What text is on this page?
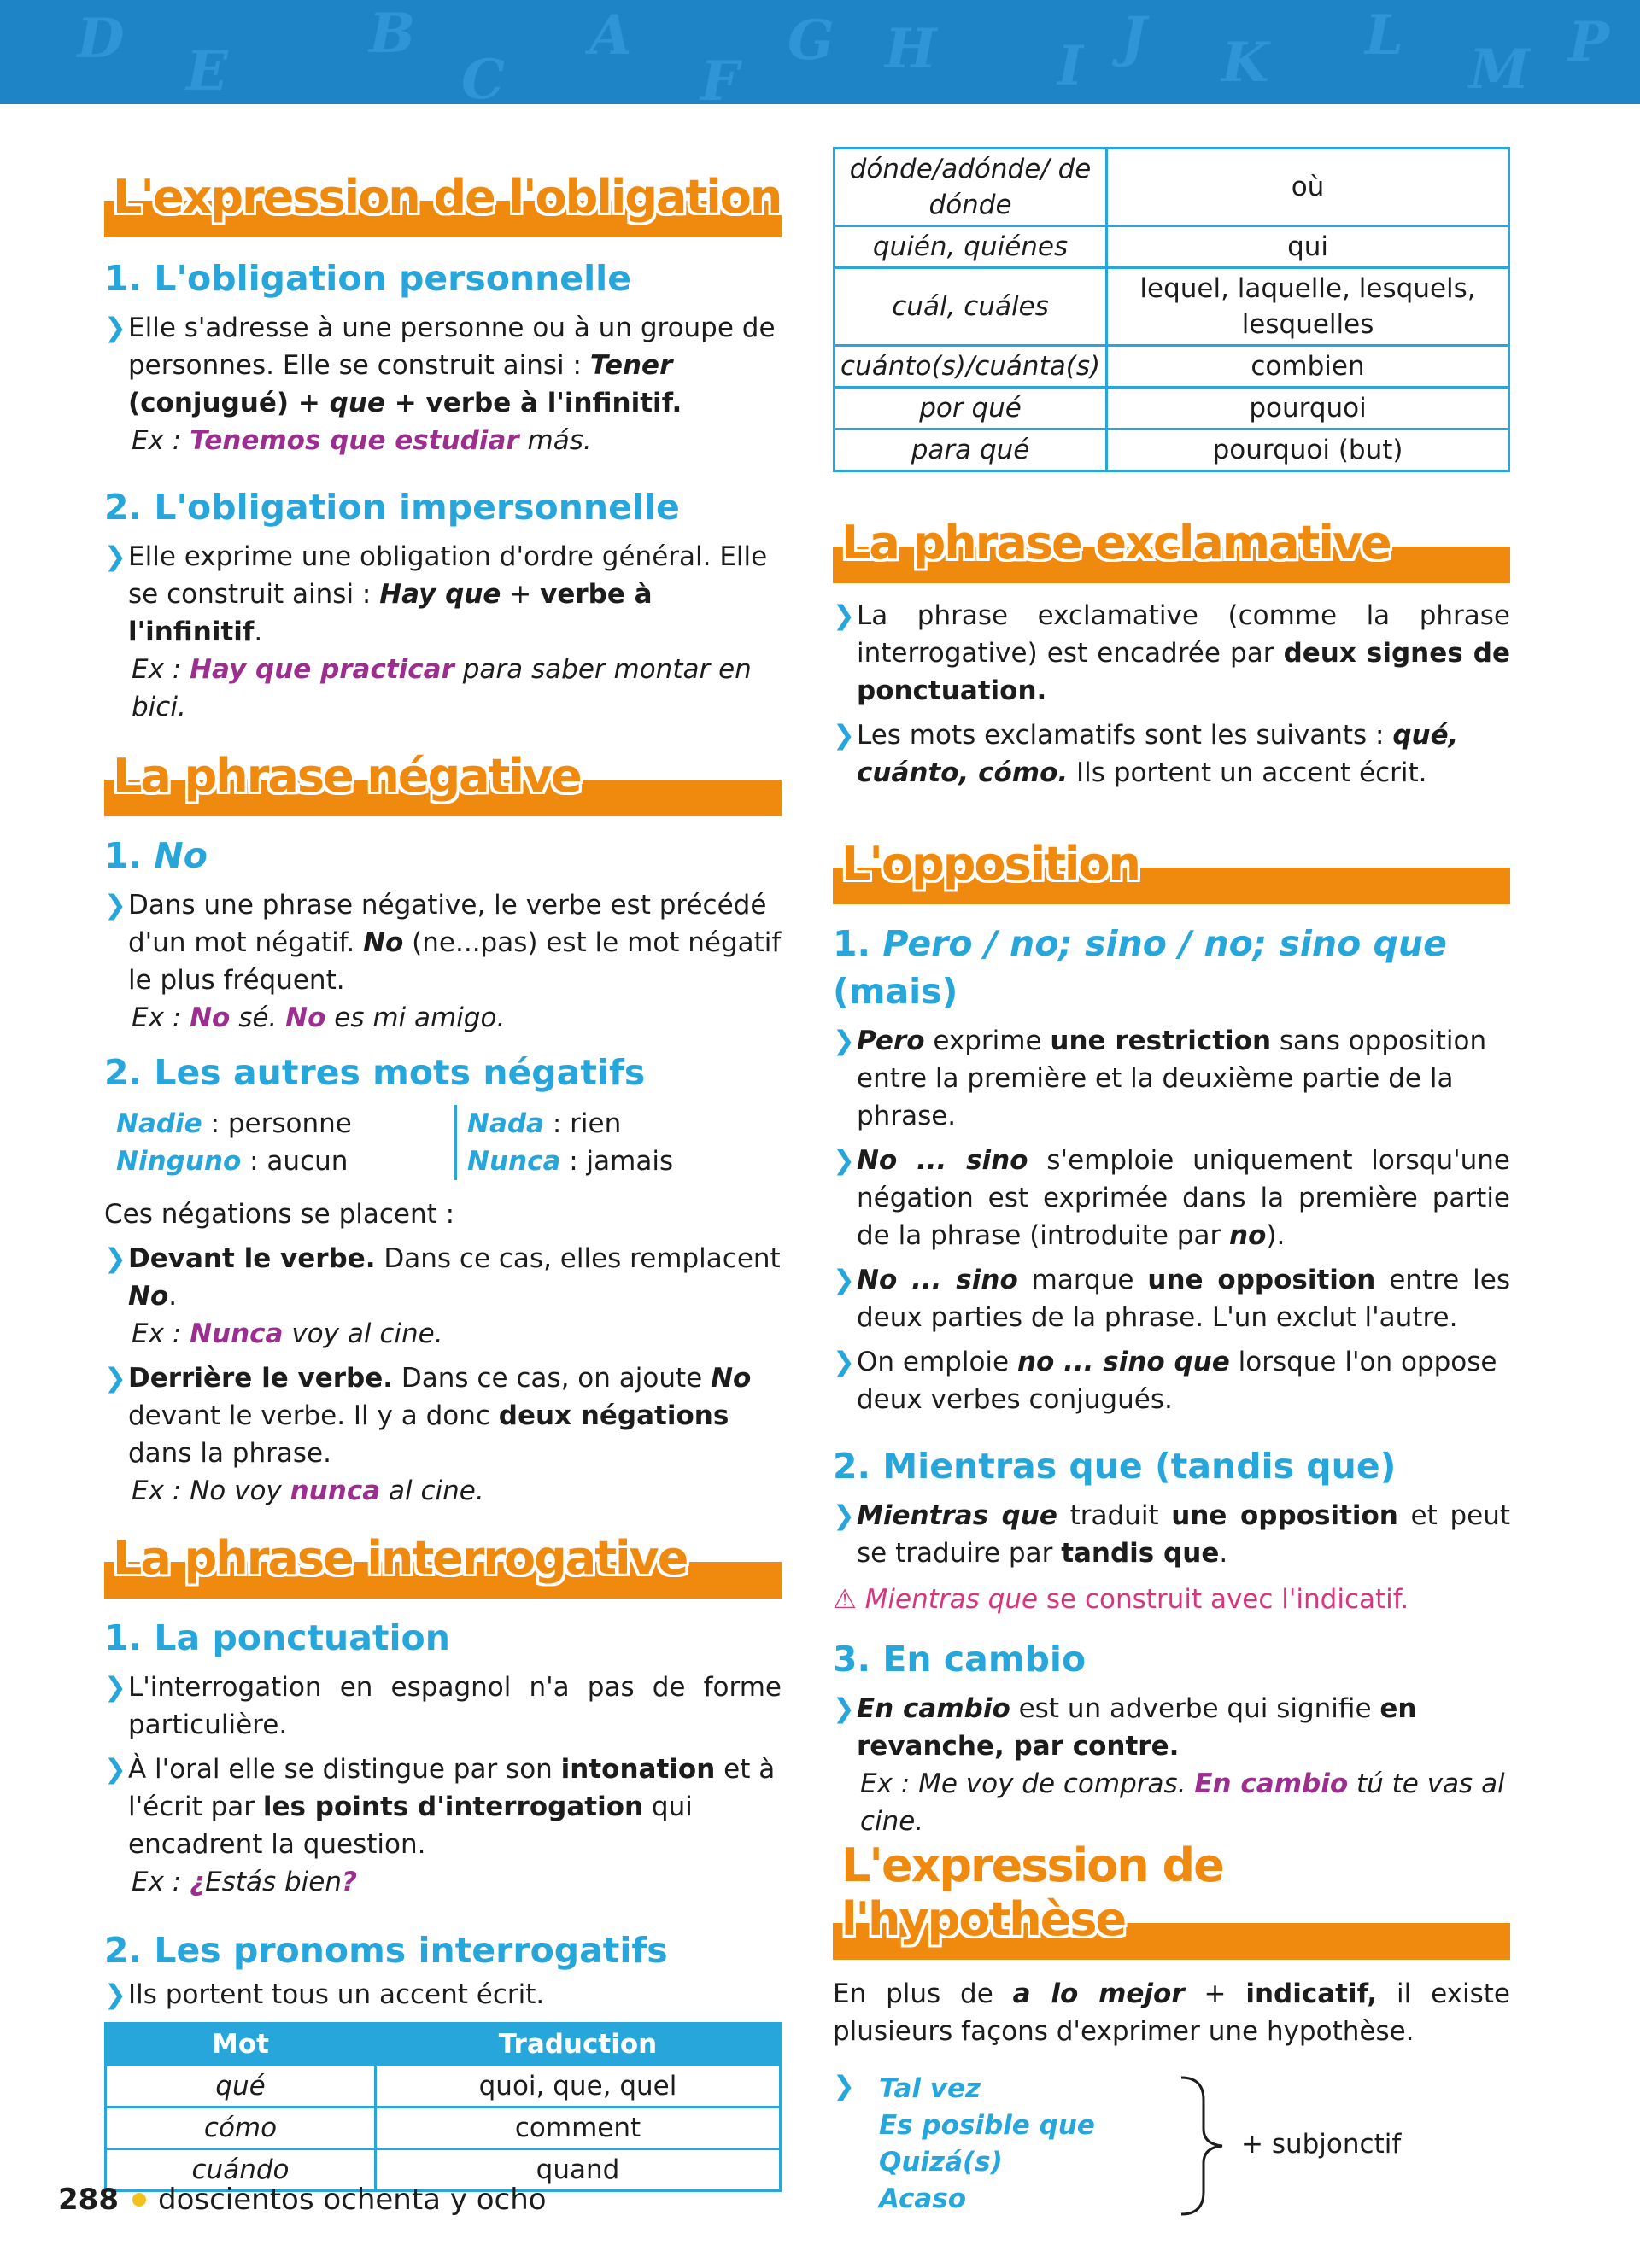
D
E
B
C
A
F
G H I J K L
M P
L'expression de l'obligation
1. L'obligation personnelle
❯ Elle s'adresse à une personne ou à un groupe de personnes. Elle se construit ainsi : Tener (conjugué) + que + verbe à l'infinitif.
Ex : Tenemos que estudiar más.
2. L'obligation impersonnelle
❯ Elle exprime une obligation d'ordre général. Elle se construit ainsi : Hay que + verbe à l'infinitif.
Ex : Hay que practicar para saber montar en bici.
La phrase négative
1. No
❯ Dans une phrase négative, le verbe est précédé d'un mot négatif. No (ne...pas) est le mot négatif le plus fréquent.
Ex : No sé. No es mi amigo.
2. Les autres mots négatifs
Nadie : personne
Ninguno : aucun
Nada : rien
Nunca : jamais
Ces négations se placent :
❯ Devant le verbe. Dans ce cas, elles remplacent No.
Ex : Nunca voy al cine.
❯ Derrière le verbe. Dans ce cas, on ajoute No devant le verbe. Il y a donc deux négations dans la phrase.
Ex : No voy nunca al cine.
La phrase interrogative
1. La ponctuation
❯ L'interrogation en espagnol n'a pas de forme particulière.
❯ À l'oral elle se distingue par son intonation et à l'écrit par les points d'interrogation qui encadrent la question.
Ex : ¿Estás bien?
2. Les pronoms interrogatifs
❯ Ils portent tous un accent écrit.
Mot	Traduction
qué	quoi, que, quel
cómo	comment
cuándo	quand
dónde/adónde/ de dónde	où
quién, quiénes	qui
cuál, cuáles	lequel, laquelle, lesquels, lesquelles
cuánto(s)/cuánta(s)	combien
por qué	pourquoi
para qué	pourquoi (but)
La phrase exclamative
❯ La phrase exclamative (comme la phrase interrogative) est encadrée par deux signes de ponctuation.
❯ Les mots exclamatifs sont les suivants : qué, cuánto, cómo. Ils portent un accent écrit.
L'opposition
1. Pero / no; sino / no; sino que (mais)
❯ Pero exprime une restriction sans opposition entre la première et la deuxième partie de la phrase.
❯ No ... sino s'emploie uniquement lorsqu'une négation est exprimée dans la première partie de la phrase (introduite par no).
❯ No ... sino marque une opposition entre les deux parties de la phrase. L'un exclut l'autre.
❯ On emploie no ... sino que lorsque l'on oppose deux verbes conjugués.
2. Mientras que (tandis que)
❯ Mientras que traduit une opposition et peut se traduire par tandis que.
⚠ Mientras que se construit avec l'indicatif.
3. En cambio
❯ En cambio est un adverbe qui signifie en revanche, par contre.
Ex : Me voy de compras. En cambio tú te vas al cine.
L'expression de l'hypothèse
En plus de a lo mejor + indicatif, il existe plusieurs façons d'exprimer une hypothèse.
❯ Tal vez
Es posible que
Quizá(s)
Acaso
+ subjonctif
288 doscientos ochenta y ocho
